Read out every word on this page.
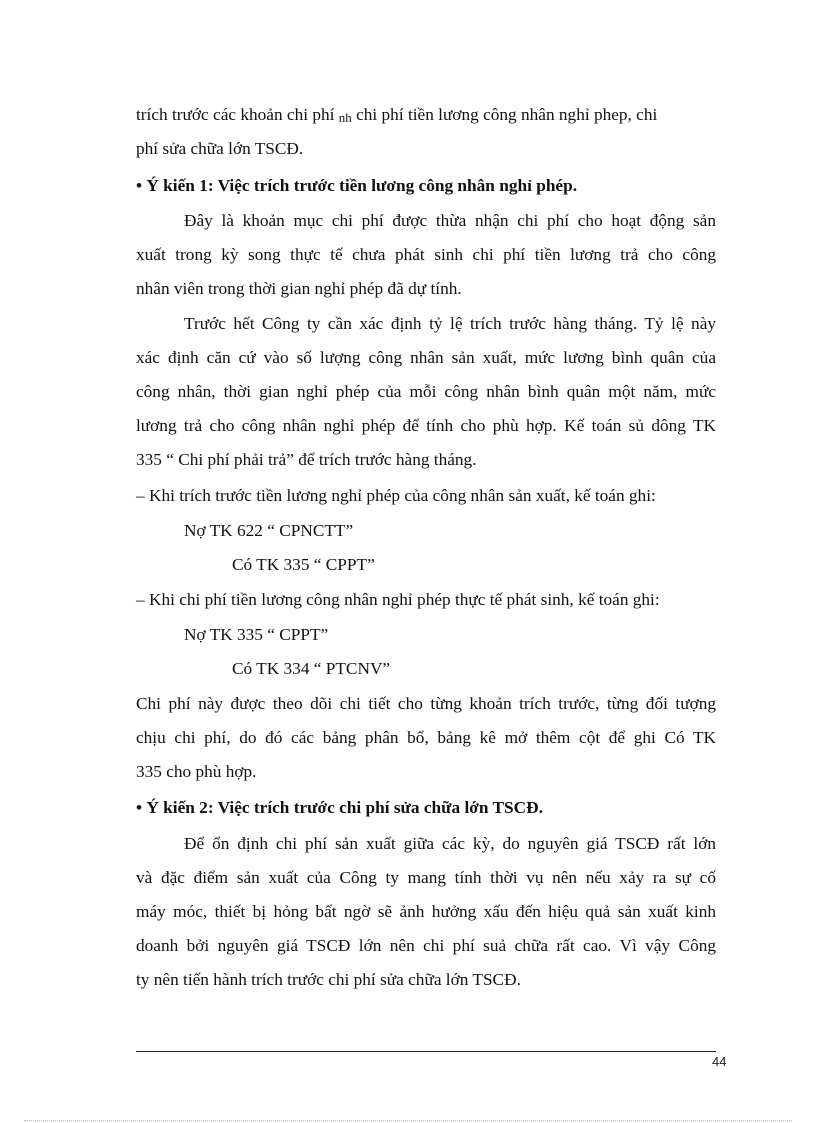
trích trước các khoản chi phí nh chi phí tiền lương công nhân nghỉ phep, chi
phí sửa chữa lớn TSCĐ.
• Ý kiến 1: Việc trích trước tiền lương công nhân nghỉ phép.
Đây là khoản mục chi phí được thừa nhận chi phí cho hoạt động sản
xuất trong kỳ song thực tế chưa phát sinh chi phí tiền lương trả cho công
nhân viên trong thời gian nghỉ phép đã dự tính.
Trước hết Công ty cần xác định tỷ lệ trích trước hàng tháng. Tỷ lệ này
xác định căn cứ vào số lượng công nhân sản xuất, mức lương bình quân của
công nhân, thời gian nghỉ phép của mỗi công nhân bình quân một năm, mức
lương trả cho công nhân nghỉ phép để tính cho phù hợp. Kế toán sủ dông TK
335 “ Chi phí phải trả” để trích trước hàng tháng.
– Khi trích trước tiền lương nghỉ phép của công nhân sản xuất, kế toán ghi:
Nợ TK 622 “ CPNCTT”
Có TK 335 “ CPPT”
– Khi chi phí tiền lương công nhân nghỉ phép thực tế phát sinh, kế toán ghi:
Nợ TK 335 “ CPPT”
Có TK 334 “ PTCNV”
Chi phí này được theo dõi chi tiết cho từng khoản trích trước, từng đối tượng
chịu chi phí, do đó các bảng phân bổ, bảng kê mở thêm cột để ghi Có TK
335 cho phù hợp.
• Ý kiến 2: Việc trích trước chi phí sửa chữa lớn TSCĐ.
Để ổn định chi phí sản xuất giữa các kỳ, do nguyên giá TSCĐ rất lớn
và đặc điểm sản xuất của Công ty mang tính thời vụ nên nếu xảy ra sự cố
máy móc, thiết bị hỏng bất ngờ sẽ ảnh hưởng xấu đến hiệu quả sản xuất kinh
doanh bởi nguyên giá TSCĐ lớn nên chi phí suả chữa rất cao. Vì vậy Công
ty nên tiến hành trích trước chi phí sửa chữa lớn TSCĐ.
44
